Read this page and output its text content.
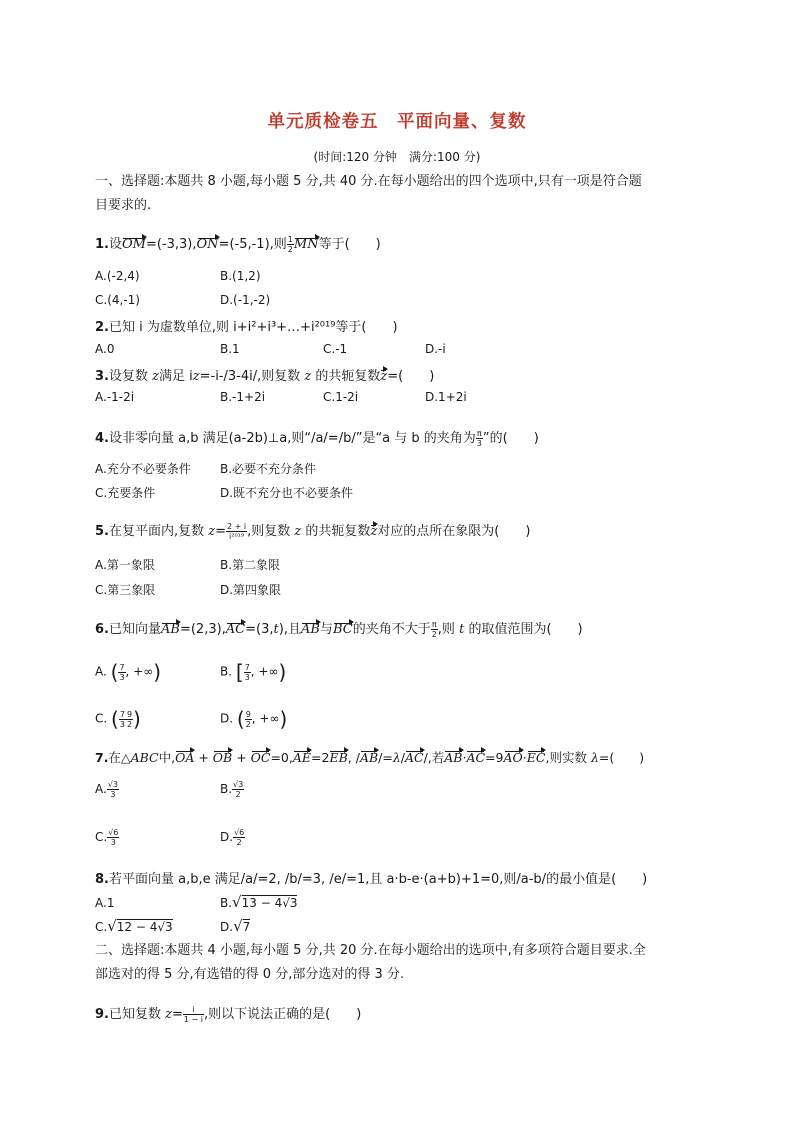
单元质检卷五　平面向量、复数
(时间:120 分钟　满分:100 分)
一、选择题:本题共 8 小题,每小题 5 分,共 40 分.在每小题给出的四个选项中,只有一项是符合题
目要求的.
1.设OM=(-3,3),ON=(-5,-1),则 $\frac{1}{2}$ MN等于(　　)
A.(-2,4)	B.(1,2)
C.(4,-1)	D.(-1,-2)
2.已知 i 为虚数单位,则 i+i²+i³+…+i²⁰¹⁹等于(　　)
A.0	B.1	C.-1	D.-i
3.设复数 z满足 iz=-i-/3-4i/,则复数 z 的共轭复数z=(　　)
A.-1-2i	B.-1+2i	C.1-2i	D.1+2i
4.设非零向量 a,b 满足(a-2b)⊥a,则“/a/=/b/”是“a 与 b 的夹角为 $\frac{\pi}{3}$ ”的(　　)
A.充分不必要条件 B.必要不充分条件
C.充要条件	D.既不充分也不必要条件
5.在复平面内,复数 $z= \frac{2 + i}{\text{i²⁰¹⁹}}$ ,则复数 z 的共轭复数z对应的点所在象限为(　　)
A.第一象限	B.第二象限
C.第三象限	D.第四象限
6.已知向量AB=(2,3),AC=(3,t),且AB与BC的夹角不大于 $\frac{\pi}{2}$ ,则 t 的取值范围为(　　)
A. ( $\frac{7}{3}$ , +∞)	B. [ $\frac{7}{3}$ , +∞)
C. ( $\frac{7}{3} \frac{9}{2}$ )	D. ( $\frac{9}{2}$ , +∞)
7.在△ABC中,OA + OB + OC=0,AE=2EB, /AB/=λ/AC/,若AB·AC=9AO·EC,则实数 λ=(　　)
A. $\frac{√3}{3}$	B. $\frac{√3}{2}$
C. $\frac{√6}{3}$	D. $\frac{√6}{2}$
8.若平面向量 a,b,e 满足/a/=2, /b/=3, /e/=1,且 a·b-e·(a+b)+1=0,则/a-b/的最小值是(　　)
A.1	B.√13 − 4√3
C.√12 − 4√3	D.√7
二、选择题:本题共 4 小题,每小题 5 分,共 20 分.在每小题给出的选项中,有多项符合题目要求.全
部选对的得 5 分,有选错的得 0 分,部分选对的得 3 分.
9.已知复数 $z= \frac{i}{1 - i}$ ,则以下说法正确的是(　　)
